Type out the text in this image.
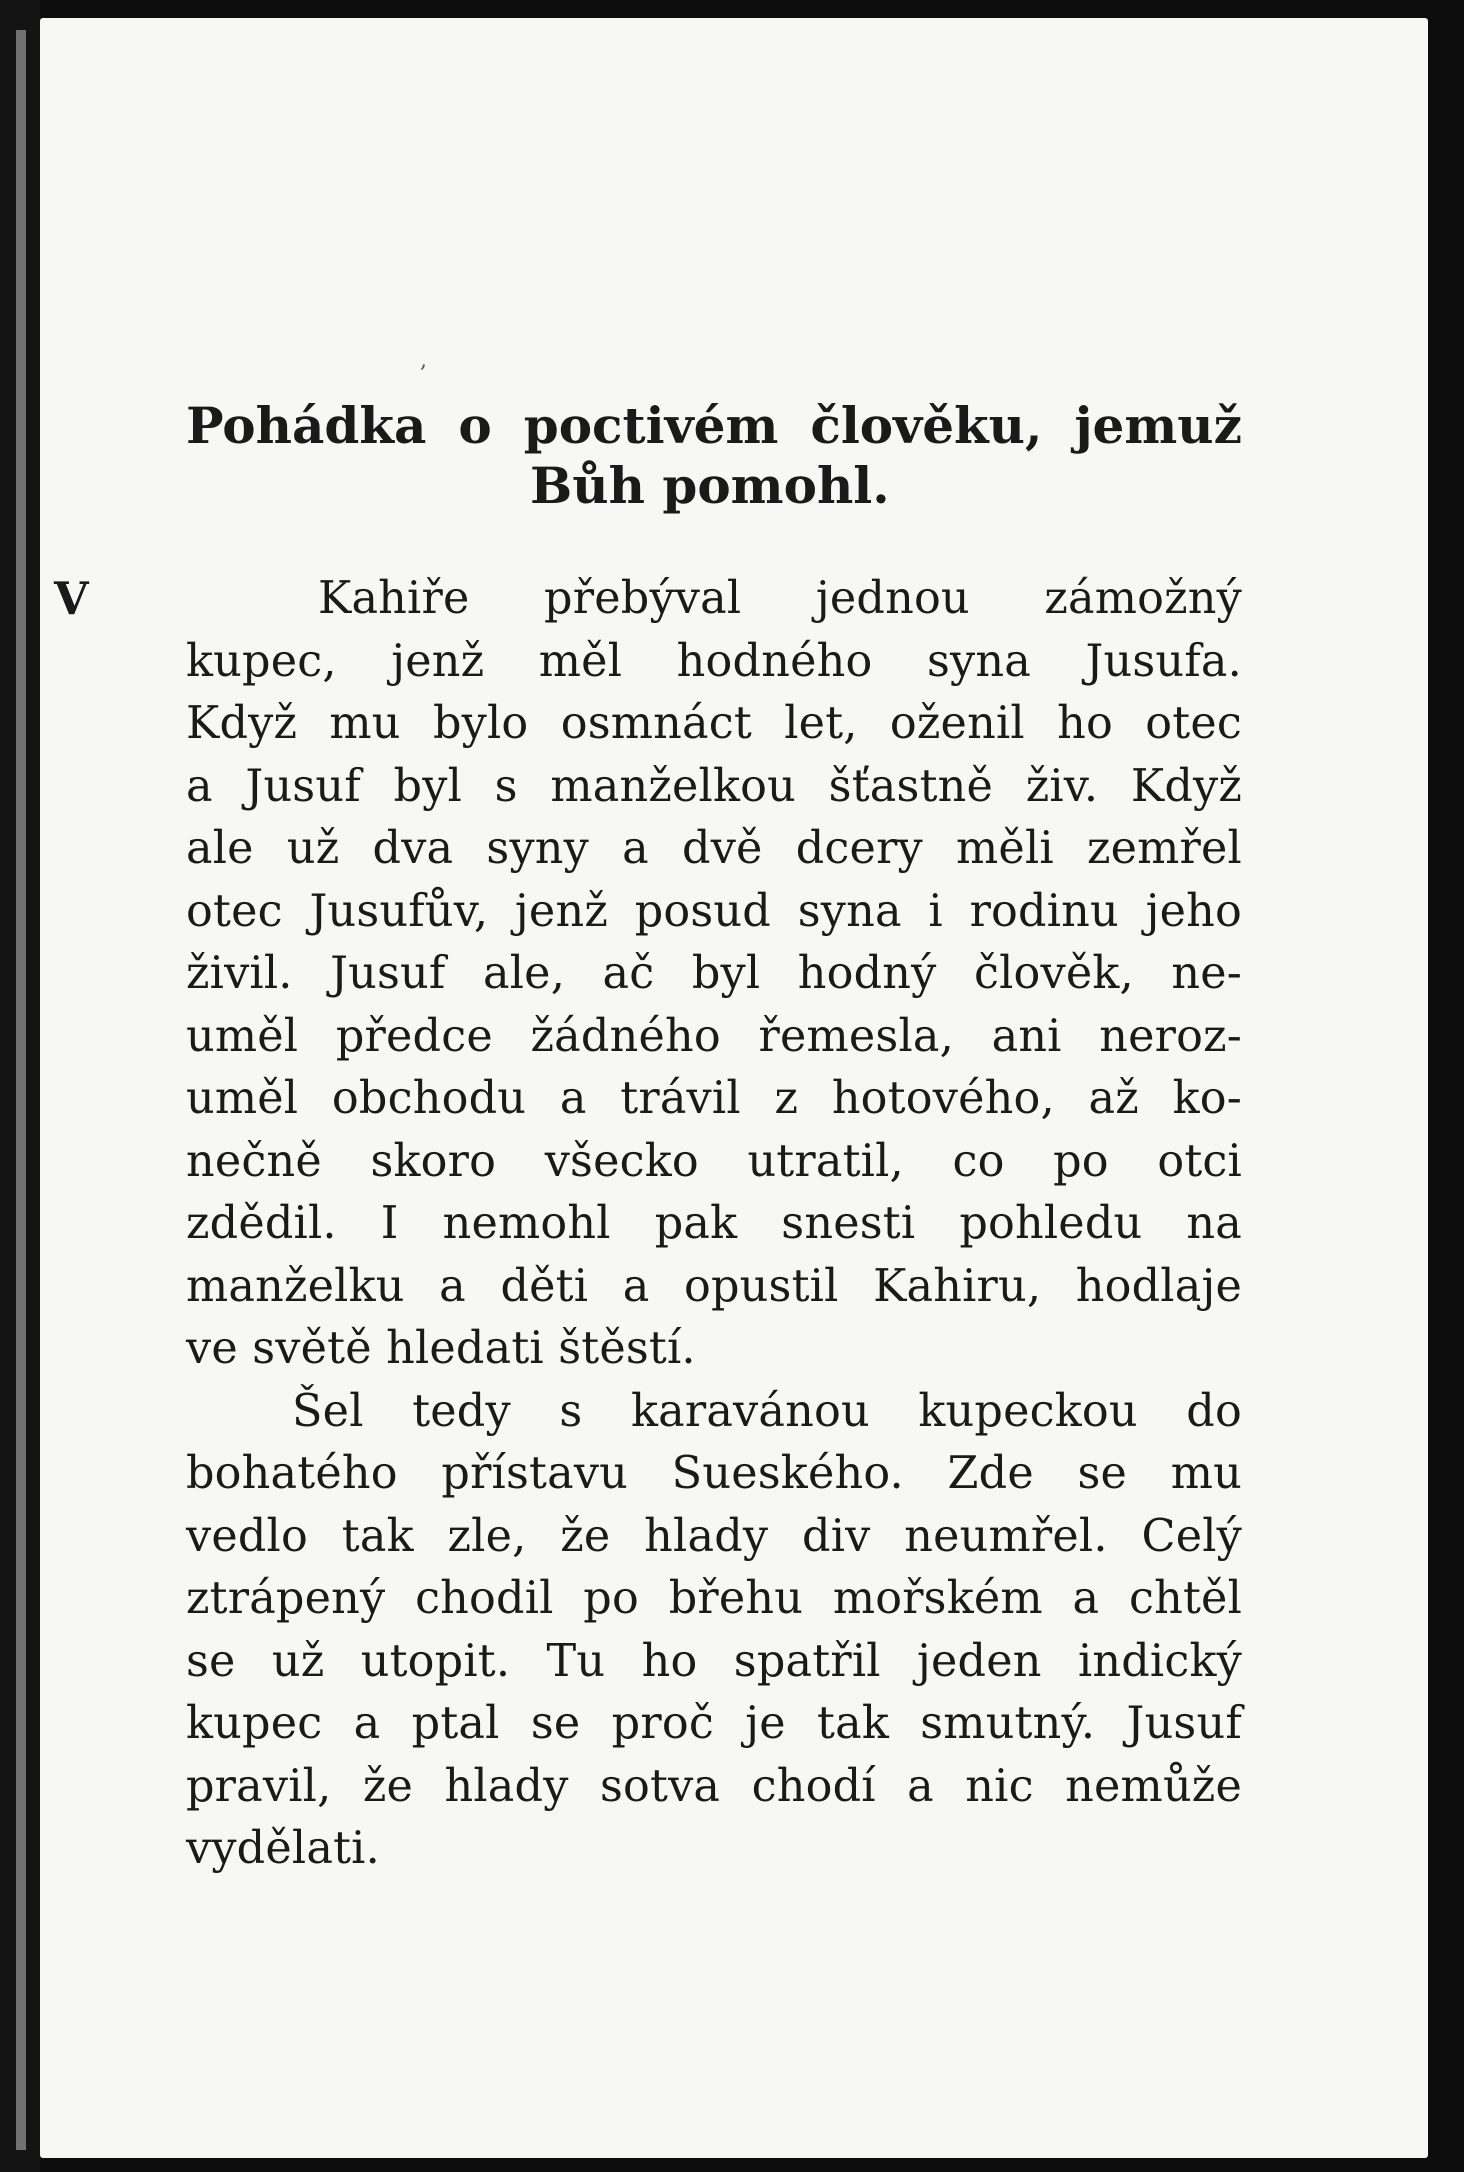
,
Pohádka o poctivém člověku, jemuž
Bůh pomohl.

V	Kahiře přebýval jednou zámožný
kupec, jenž měl hodného syna Jusufa.
Když mu bylo osmnáct let, oženil ho otec
a Jusuf byl s manželkou šťastně živ. Když
ale už dva syny a dvě dcery měli zemřel
otec Jusufův, jenž posud syna i rodinu jeho
živil. Jusuf ale, ač byl hodný člověk, ne-
uměl předce žádného řemesla, ani neroz-
uměl obchodu a trávil z hotového, až ko-
nečně skoro všecko utratil, co po otci
zdědil. I nemohl pak snesti pohledu na
manželku a děti a opustil Kahiru, hodlaje
ve světě hledati štěstí.

Šel tedy s karavánou kupeckou do
bohatého přístavu Sueského. Zde se mu
vedlo tak zle, že hlady div neumřel. Celý
ztrápený chodil po břehu mořském a chtěl
se už utopit. Tu ho spatřil jeden indický
kupec a ptal se proč je tak smutný. Jusuf
pravil, že hlady sotva chodí a nic nemůže
vydělati.
